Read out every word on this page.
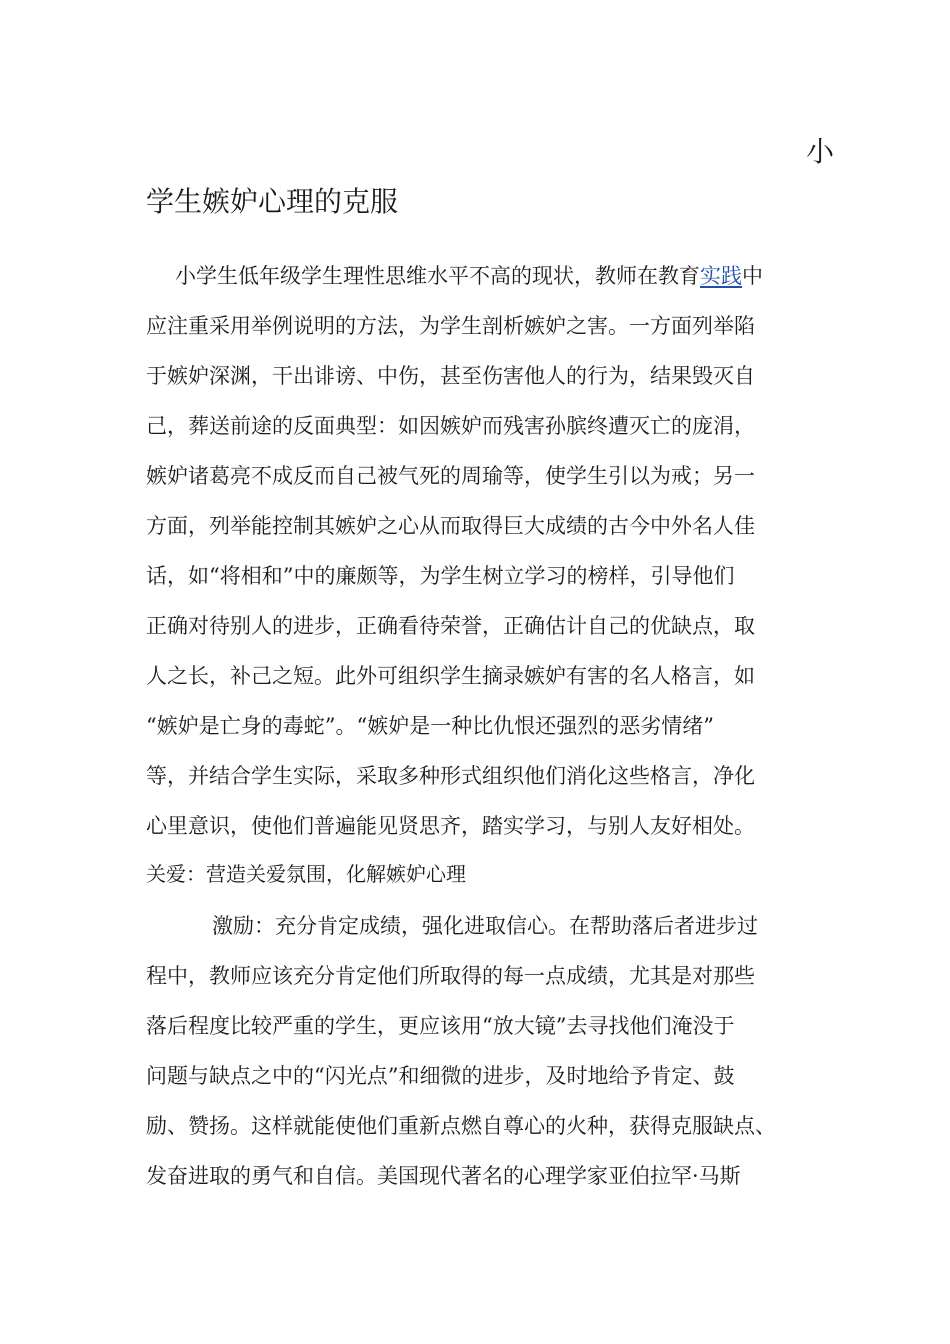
小
学生嫉妒心理的克服
小学生低年级学生理性思维水平不高的现状，教师在教育实践中
应注重采用举例说明的方法，为学生剖析嫉妒之害。一方面列举陷
于嫉妒深渊，干出诽谤、中伤，甚至伤害他人的行为，结果毁灭自
己，葬送前途的反面典型：如因嫉妒而残害孙膑终遭灭亡的庞涓，
嫉妒诸葛亮不成反而自己被气死的周瑜等，使学生引以为戒；另一
方面，列举能控制其嫉妒之心从而取得巨大成绩的古今中外名人佳
话，如“将相和”中的廉颇等，为学生树立学习的榜样，引导他们
正确对待别人的进步，正确看待荣誉，正确估计自己的优缺点，取
人之长，补己之短。此外可组织学生摘录嫉妒有害的名人格言，如
“嫉妒是亡身的毒蛇”。“嫉妒是一种比仇恨还强烈的恶劣情绪”
等，并结合学生实际，采取多种形式组织他们消化这些格言，净化
心里意识，使他们普遍能见贤思齐，踏实学习，与别人友好相处。
关爱：营造关爱氛围，化解嫉妒心理
激励：充分肯定成绩，强化进取信心。在帮助落后者进步过
程中，教师应该充分肯定他们所取得的每一点成绩，尤其是对那些
落后程度比较严重的学生，更应该用“放大镜”去寻找他们淹没于
问题与缺点之中的“闪光点”和细微的进步，及时地给予肯定、鼓
励、赞扬。这样就能使他们重新点燃自尊心的火种，获得克服缺点、
发奋进取的勇气和自信。美国现代著名的心理学家亚伯拉罕·马斯
